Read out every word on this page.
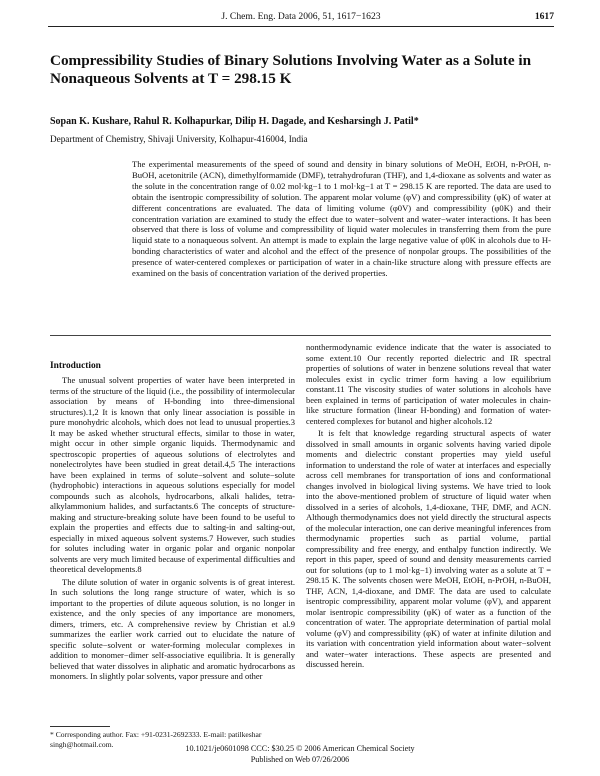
J. Chem. Eng. Data 2006, 51, 1617−1623	1617
Compressibility Studies of Binary Solutions Involving Water as a Solute in Nonaqueous Solvents at T = 298.15 K
Sopan K. Kushare, Rahul R. Kolhapurkar, Dilip H. Dagade, and Kesharsingh J. Patil*
Department of Chemistry, Shivaji University, Kolhapur-416004, India

The experimental measurements of the speed of sound and density in binary solutions of MeOH, EtOH, n-PrOH, n-BuOH, acetonitrile (ACN), dimethylformamide (DMF), tetrahydrofuran (THF), and 1,4-dioxane as solvents and water as the solute in the concentration range of 0.02 mol·kg−1 to 1 mol·kg−1 at T = 298.15 K are reported. The data are used to obtain the isentropic compressibility of solution. The apparent molar volume (φV) and compressibility (φK) of water at different concentrations are evaluated. The data of limiting volume (φ0V) and compressibility (φ0K) and their concentration variation are examined to study the effect due to water−solvent and water−water interactions. It has been observed that there is loss of volume and compressibility of liquid water molecules in transferring them from the pure liquid state to a nonaqueous solvent. An attempt is made to explain the large negative value of φ0K in alcohols due to H-bonding characteristics of water and alcohol and the effect of the presence of nonpolar groups. The possibilities of the presence of water-centered complexes or participation of water in a chain-like structure along with pressure effects are examined on the basis of concentration variation of the derived properties.

Introduction

The unusual solvent properties of water have been interpreted in terms of the structure of the liquid (i.e., the possibility of intermolecular association by means of H-bonding into three-dimensional structures).1,2 It is known that only linear association is possible in pure monohydric alcohols, which does not lead to unusual properties.3 It may be asked whether structural effects, similar to those in water, might occur in other simple organic liquids. Thermodynamic and spectroscopic properties of aqueous solutions of electrolytes and nonelectrolytes have been studied in great detail.4,5 The interactions have been explained in terms of solute−solvent and solute−solute (hydrophobic) interactions in aqueous solutions especially for model compounds such as alcohols, hydrocarbons, alkali halides, tetra-alkylammonium halides, and surfactants.6 The concepts of structure-making and structure-breaking solute have been found to be useful to explain the properties and effects due to salting-in and salting-out, especially in mixed aqueous solvent systems.7 However, such studies for solutes including water in organic polar and organic nonpolar solvents are very much limited because of experimental difficulties and theoretical developments.8

The dilute solution of water in organic solvents is of great interest. In such solutions the long range structure of water, which is so important to the properties of dilute aqueous solution, is no longer in existence, and the only species of any importance are monomers, dimers, trimers, etc. A comprehensive review by Christian et al.9 summarizes the earlier work carried out to elucidate the nature of specific solute−solvent or water-forming molecular complexes in addition to monomer−dimer self-associative equilibria. It is generally believed that water dissolves in aliphatic and aromatic hydrocarbons as monomers. In slightly polar solvents, vapor pressure and other

nonthermodynamic evidence indicate that the water is associated to some extent.10 Our recently reported dielectric and IR spectral properties of solutions of water in benzene solutions reveal that water molecules exist in cyclic trimer form having a low equilibrium constant.11 The viscosity studies of water solutions in alcohols have been explained in terms of participation of water molecules in chain-like structure formation (linear H-bonding) and formation of water-centered complexes for butanol and higher alcohols.12

It is felt that knowledge regarding structural aspects of water dissolved in small amounts in organic solvents having varied dipole moments and dielectric constant properties may yield useful information to understand the role of water at interfaces and especially across cell membranes for transportation of ions and conformational changes involved in biological living systems. We have tried to look into the above-mentioned problem of structure of liquid water when dissolved in a series of alcohols, 1,4-dioxane, THF, DMF, and ACN. Although thermodynamics does not yield directly the structural aspects of the molecular interaction, one can derive meaningful inferences from thermodynamic properties such as partial volume, partial compressibility and free energy, and enthalpy function indirectly. We report in this paper, speed of sound and density measurements carried out for solutions (up to 1 mol·kg−1) involving water as a solute at T = 298.15 K. The solvents chosen were MeOH, EtOH, n-PrOH, n-BuOH, THF, ACN, 1,4-dioxane, and DMF. The data are used to calculate isentropic compressibility, apparent molar volume (φV), and apparent molar isentropic compressibility (φK) of water as a function of the concentration of water. The appropriate determination of partial molal volume (φV) and compressibility (φK) of water at infinite dilution and its variation with concentration yield information about water−solvent and water−water interactions. These aspects are presented and discussed herein.

* Corresponding author. Fax: +91-0231-2692333. E-mail: patilkeshar singh@hotmail.com.	10.1021/je0601098 CCC: $30.25 © 2006 American Chemical Society
Published on Web 07/26/2006
